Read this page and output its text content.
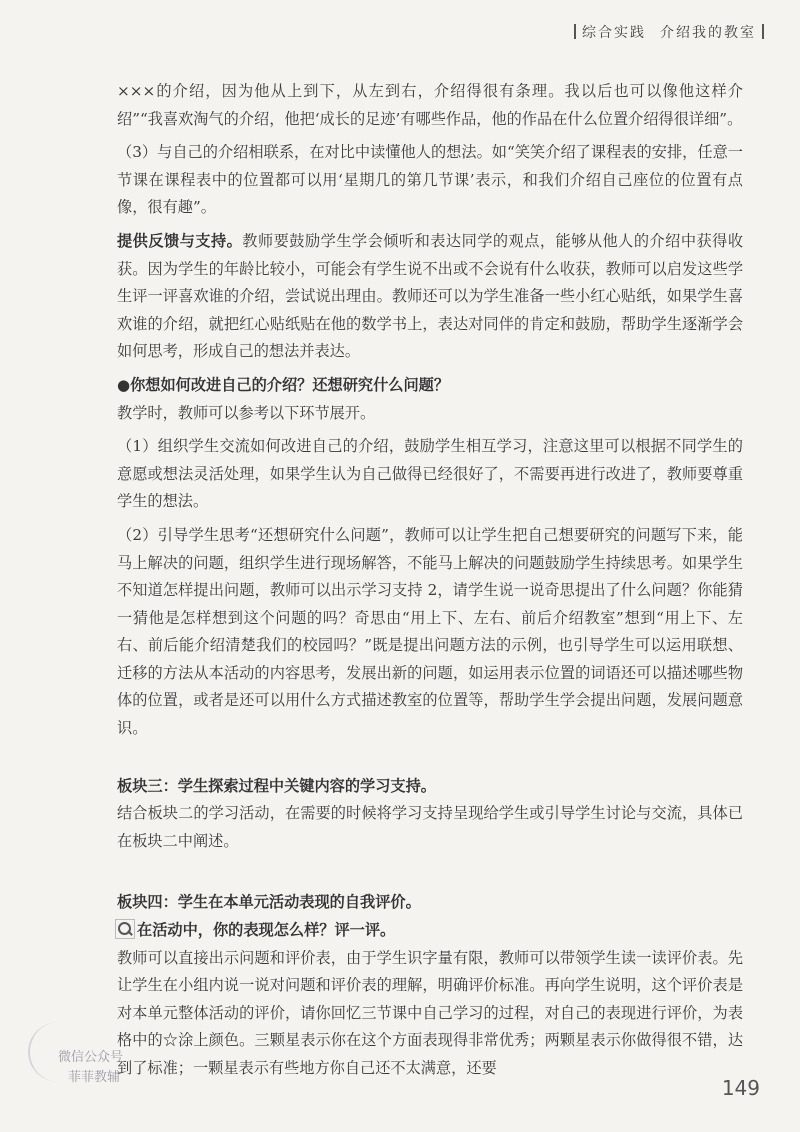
综合实践 介绍我的教室

×××的介绍，因为他从上到下，从左到右，介绍得很有条理。我以后也可以像他这样介绍”“我喜欢淘气的介绍，他把‘成长的足迹’有哪些作品，他的作品在什么位置介绍得很详细”。

（3）与自己的介绍相联系，在对比中读懂他人的想法。如“笑笑介绍了课程表的安排，任意一节课在课程表中的位置都可以用‘星期几的第几节课’表示，和我们介绍自己座位的位置有点像，很有趣”。

提供反馈与支持。教师要鼓励学生学会倾听和表达同学的观点，能够从他人的介绍中获得收获。因为学生的年龄比较小，可能会有学生说不出或不会说有什么收获，教师可以启发这些学生评一评喜欢谁的介绍，尝试说出理由。教师还可以为学生准备一些小红心贴纸，如果学生喜欢谁的介绍，就把红心贴纸贴在他的数学书上，表达对同伴的肯定和鼓励，帮助学生逐渐学会如何思考，形成自己的想法并表达。

●你想如何改进自己的介绍？还想研究什么问题？

教学时，教师可以参考以下环节展开。

（1）组织学生交流如何改进自己的介绍，鼓励学生相互学习，注意这里可以根据不同学生的意愿或想法灵活处理，如果学生认为自己做得已经很好了，不需要再进行改进了，教师要尊重学生的想法。

（2）引导学生思考“还想研究什么问题”，教师可以让学生把自己想要研究的问题写下来，能马上解决的问题，组织学生进行现场解答，不能马上解决的问题鼓励学生持续思考。如果学生不知道怎样提出问题，教师可以出示学习支持 2，请学生说一说奇思提出了什么问题？你能猜一猜他是怎样想到这个问题的吗？奇思由“用上下、左右、前后介绍教室”想到“用上下、左右、前后能介绍清楚我们的校园吗？”既是提出问题方法的示例，也引导学生可以运用联想、迁移的方法从本活动的内容思考，发展出新的问题，如运用表示位置的词语还可以描述哪些物体的位置，或者是还可以用什么方式描述教室的位置等，帮助学生学会提出问题，发展问题意识。

板块三：学生探索过程中关键内容的学习支持。

结合板块二的学习活动，在需要的时候将学习支持呈现给学生或引导学生讨论与交流，具体已在板块二中阐述。

板块四：学生在本单元活动表现的自我评价。

在活动中，你的表现怎么样？评一评。

教师可以直接出示问题和评价表，由于学生识字量有限，教师可以带领学生读一读评价表。先让学生在小组内说一说对问题和评价表的理解，明确评价标准。再向学生说明，这个评价表是对本单元整体活动的评价，请你回忆三节课中自己学习的过程，对自己的表现进行评价，为表格中的☆涂上颜色。三颗星表示你在这个方面表现得非常优秀；两颗星表示你做得很不错，达到了标准；一颗星表示有些地方你自己还不太满意，还要

微信公众号
菲菲教辅	149
